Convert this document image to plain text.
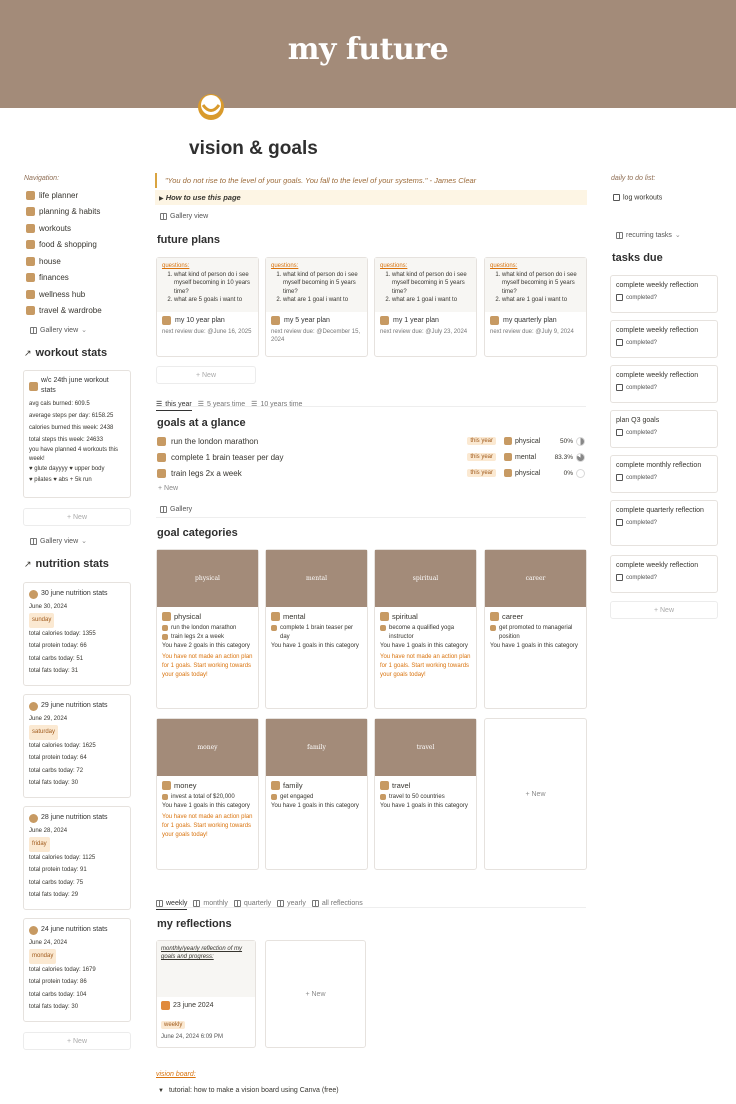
my future
vision & goals
Navigation:
life planner
planning & habits
workouts
food & shopping
house
finances
wellness hub
travel & wardrobe
Gallery view ⌄
↗ workout stats
w/c 24th june workout stats
avg cals burned: 609.5
average steps per day: 6158.25
calories burned this week: 2438
total steps this week: 24633
you have planned 4 workouts this week!
♥ glute dayyyy ♥ upper body
♥ pilates ♥ abs + 5k run
+ New
Gallery view ⌄
↗ nutrition stats
30 june nutrition stats
June 30, 2024
sunday
total calories today: 1355
total protein today: 66
total carbs today: 51
total fats today: 31
29 june nutrition stats
June 29, 2024
saturday
total calories today: 1625
total protein today: 64
total carbs today: 72
total fats today: 30
28 june nutrition stats
June 28, 2024
friday
total calories today: 1125
total protein today: 91
total carbs today: 75
total fats today: 29
24 june nutrition stats
June 24, 2024
monday
total calories today: 1679
total protein today: 86
total carbs today: 104
total fats today: 30
+ New
"You do not rise to the level of your goals. You fall to the level of your systems." - James Clear
▶ How to use this page
Gallery view
future plans
questions:
1. what kind of person do i see myself becoming in 10 years time?
2. what are 5 goals i want to
my 10 year plan
next review due: @June 16, 2025
questions:
1. what kind of person do i see myself becoming in 5 years time?
2. what are 1 goal i want to
my 5 year plan
next review due: @December 15, 2024
questions:
1. what kind of person do i see myself becoming in 5 years time?
2. what are 1 goal i want to
my 1 year plan
next review due: @July 23, 2024
questions:
1. what kind of person do i see myself becoming in 5 years time?
2. what are 1 goal i want to
my quarterly plan
next review due: @July 9, 2024
+ New
☰ this year ☰ 5 years time ☰ 10 years time
goals at a glance
run the london marathon	this year	physical	50%
complete 1 brain teaser per day	this year	mental	83.3%
train legs 2x a week	this year	physical	0%
+ New
Gallery
goal categories
physical
physical
run the london marathon
train legs 2x a week
You have 2 goals in this category
You have not made an action plan for 1 goals. Start working towards your goals today!
mental
mental
complete 1 brain teaser per day
You have 1 goals in this category
spiritual
spiritual
become a qualified yoga instructor
You have 1 goals in this category
You have not made an action plan for 1 goals. Start working towards your goals today!
career
career
get promoted to managerial position
You have 1 goals in this category
money
money
invest a total of $20,000
You have 1 goals in this category
You have not made an action plan for 1 goals. Start working towards your goals today!
family
family
get engaged
You have 1 goals in this category
travel
travel
travel to 50 countries
You have 1 goals in this category
+ New
weekly monthly quarterly yearly all reflections
my reflections
monthly/yearly reflection of my goals and progress:
23 june 2024
weekly
June 24, 2024 6:09 PM
+ New
vision board:
▼ tutorial: how to make a vision board using Canva (free)
daily to do list:
log workouts
recurring tasks ⌄
tasks due
complete weekly reflection
completed?
complete weekly reflection
completed?
complete weekly reflection
completed?
plan Q3 goals
completed?
complete monthly reflection
completed?
complete quarterly reflection
completed?
complete weekly reflection
completed?
+ New
